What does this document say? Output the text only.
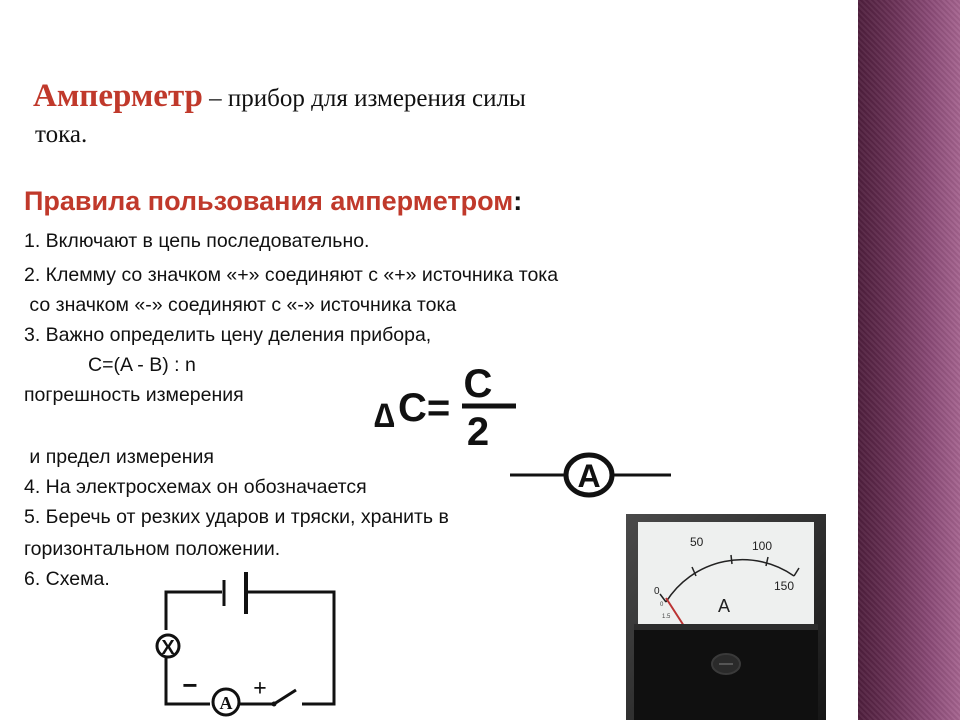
Амперметр – прибор для измерения силы
тока.
Правила пользования амперметром:
1. Включают в цепь последовательно.
2. Клемму со значком «+» соединяют с «+» источника тока
со значком «-» соединяют с «-» источника тока
3. Важно определить цену деления прибора,
C=(A - B) : n
погрешность измерения
и предел измерения
4. На электросхемах он обозначается
5. Беречь от резких ударов и тряски, хранить в
горизонтальном положении.
6. Схема.
∆ C=
C
2
A
X
A
− +
0
50	100
150
A
1.5
0
